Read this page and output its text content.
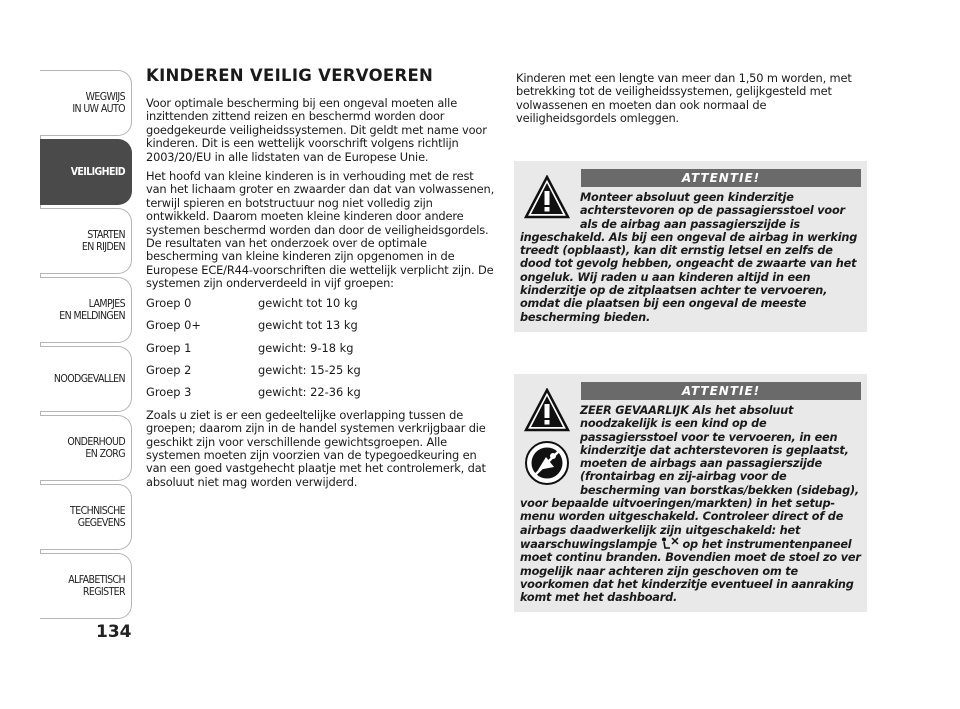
WEGWIJS
IN UW AUTO
VEILIGHEID
STARTEN
EN RIJDEN
LAMPJES
EN MELDINGEN
NOODGEVALLEN
ONDERHOUD
EN ZORG
TECHNISCHE
GEGEVENS
ALFABETISCH
REGISTER
134
KINDEREN VEILIG VERVOEREN

Voor optimale bescherming bij een ongeval moeten alle inzittenden zittend reizen en beschermd worden door goedgekeurde veiligheidssystemen. Dit geldt met name voor kinderen. Dit is een wettelijk voorschrift volgens richtlijn 2003/20/EU in alle lidstaten van de Europese Unie.

Het hoofd van kleine kinderen is in verhouding met de rest van het lichaam groter en zwaarder dan dat van volwassenen, terwijl spieren en botstructuur nog niet volledig zijn ontwikkeld. Daarom moeten kleine kinderen door andere systemen beschermd worden dan door de veiligheidsgordels. De resultaten van het onderzoek over de optimale bescherming van kleine kinderen zijn opgenomen in de Europese ECE/R44-voorschriften die wettelijk verplicht zijn. De systemen zijn onderverdeeld in vijf groepen:

Groep 0	gewicht tot 10 kg
Groep 0+	gewicht tot 13 kg
Groep 1	gewicht: 9-18 kg
Groep 2	gewicht: 15-25 kg
Groep 3	gewicht: 22-36 kg

Zoals u ziet is er een gedeeltelijke overlapping tussen de groepen; daarom zijn in de handel systemen verkrijgbaar die geschikt zijn voor verschillende gewichtsgroepen. Alle systemen moeten zijn voorzien van de typegoedkeuring en van een goed vastgehecht plaatje met het controlemerk, dat absoluut niet mag worden verwijderd.

Kinderen met een lengte van meer dan 1,50 m worden, met betrekking tot de veiligheidssystemen, gelijkgesteld met volwassenen en moeten dan ook normaal de veiligheidsgordels omleggen.

ATTENTIE!
Monteer absoluut geen kinderzitje achterstevoren op de passagiersstoel voor als de airbag aan passagierszijde is ingeschakeld. Als bij een ongeval de airbag in werking treedt (opblaast), kan dit ernstig letsel en zelfs de dood tot gevolg hebben, ongeacht de zwaarte van het ongeluk. Wij raden u aan kinderen altijd in een kinderzitje op de zitplaatsen achter te vervoeren, omdat die plaatsen bij een ongeval de meeste bescherming bieden.
ATTENTIE!
ZEER GEVAARLIJK Als het absoluut noodzakelijk is een kind op de passagiersstoel voor te vervoeren, in een kinderzitje dat achterstevoren is geplaatst, moeten de airbags aan passagierszijde (frontairbag en zij-airbag voor de bescherming van borstkas/bekken (sidebag), voor bepaalde uitvoeringen/markten) in het setup-menu worden uitgeschakeld. Controleer direct of de airbags daadwerkelijk zijn uitgeschakeld: het waarschuwingslampje op het instrumentenpaneel moet continu branden. Bovendien moet de stoel zo ver mogelijk naar achteren zijn geschoven om te voorkomen dat het kinderzitje eventueel in aanraking komt met het dashboard.
